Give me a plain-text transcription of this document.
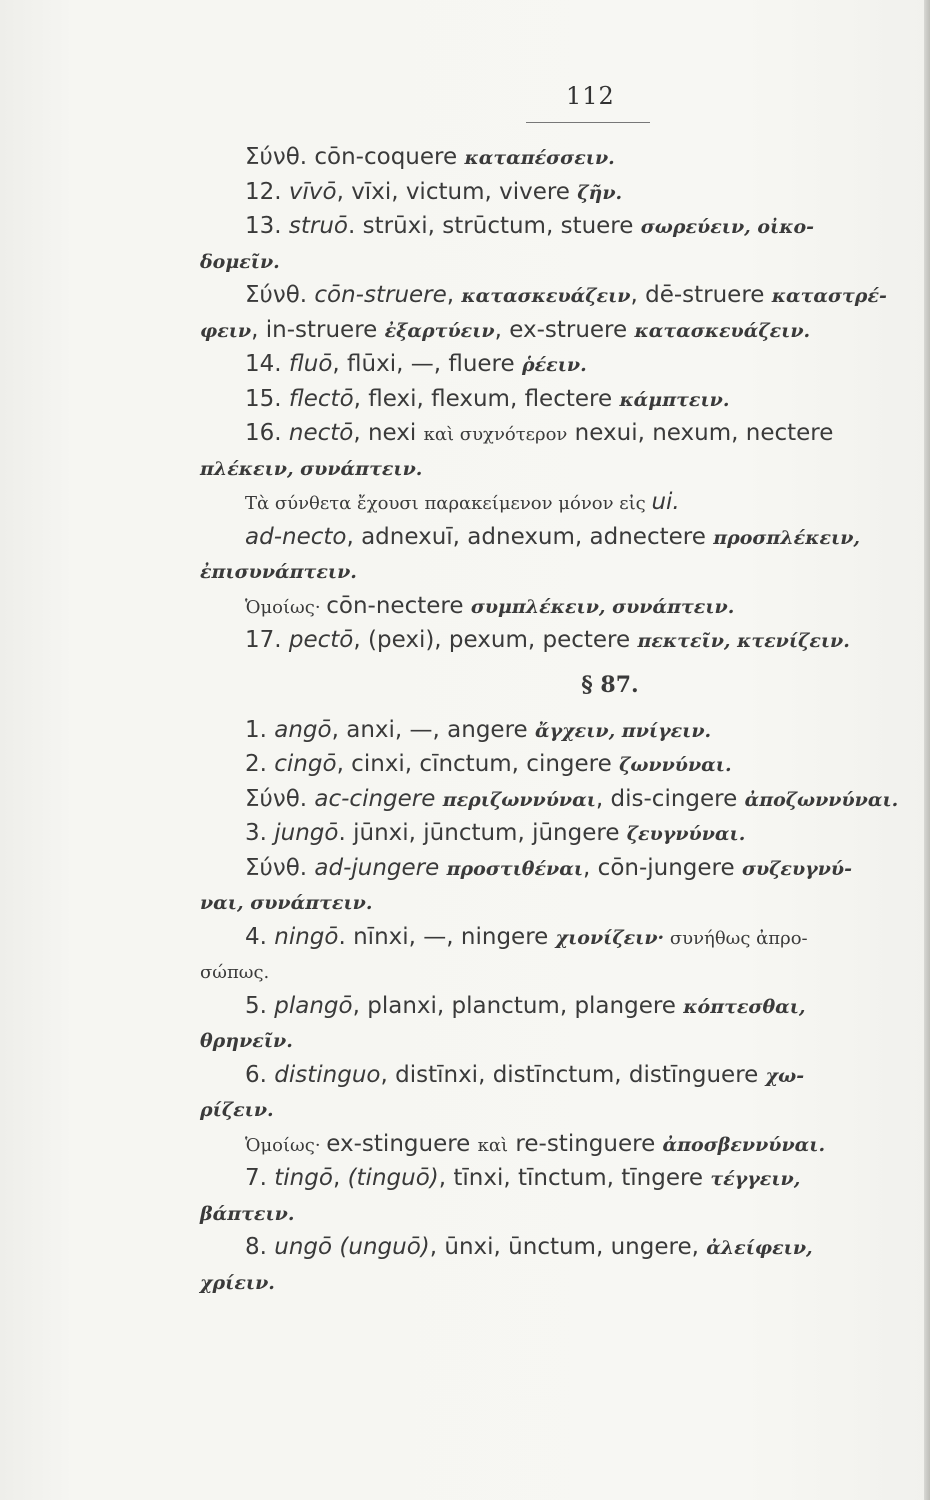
112
Σύνθ. cōn-coquere καταπέσσειν.
12. vīvō, vīxi, victum, vivere ζῆν.
13. struō. strūxi, strūctum, stuere σωρεύειν, οἰκο-
δομεῖν.
Σύνθ. cōn-struere, κατασκευάζειν, dē-struere καταστρέ-
φειν, in-struere ἐξαρτύειν, ex-struere κατασκευάζειν.
14. fluō, flūxi, —, fluere ῥέειν.
15. flectō, flexi, flexum, flectere κάμπτειν.
16. nectō, nexi καὶ συχνότερον nexui, nexum, nectere
πλέκειν, συνάπτειν.
Τὰ σύνθετα ἔχουσι παρακείμενον μόνον εἰς ui.
ad-necto, adnexuī, adnexum, adnectere προσπλέκειν,
ἐπισυνάπτειν.
Ὁμοίως· cōn-nectere συμπλέκειν, συνάπτειν.
17. pectō, (pexi), pexum, pectere πεκτεῖν, κτενίζειν.
§ 87.
1. angō, anxi, —, angere ἄγχειν, πνίγειν.
2. cingō, cinxi, cīnctum, cingere ζωννύναι.
Σύνθ. ac-cingere περιζωννύναι, dis-cingere ἀποζωννύναι.
3. jungō. jūnxi, jūnctum, jūngere ζευγνύναι.
Σύνθ. ad-jungere προστιθέναι, cōn-jungere συζευγνύ-
ναι, συνάπτειν.
4. ningō. nīnxi, —, ningere χιονίζειν· συνήθως ἀπρο-
σώπως.
5. plangō, planxi, planctum, plangere κόπτεσθαι,
θρηνεῖν.
6. distinguo, distīnxi, distīnctum, distīnguere χω-
ρίζειν.
Ὁμοίως· ex-stinguere καὶ re-stinguere ἀποσβεννύναι.
7. tingō, (tinguō), tīnxi, tīnctum, tīngere τέγγειν,
βάπτειν.
8. ungō (unguō), ūnxi, ūnctum, ungere, ἀλείφειν,
χρίειν.
